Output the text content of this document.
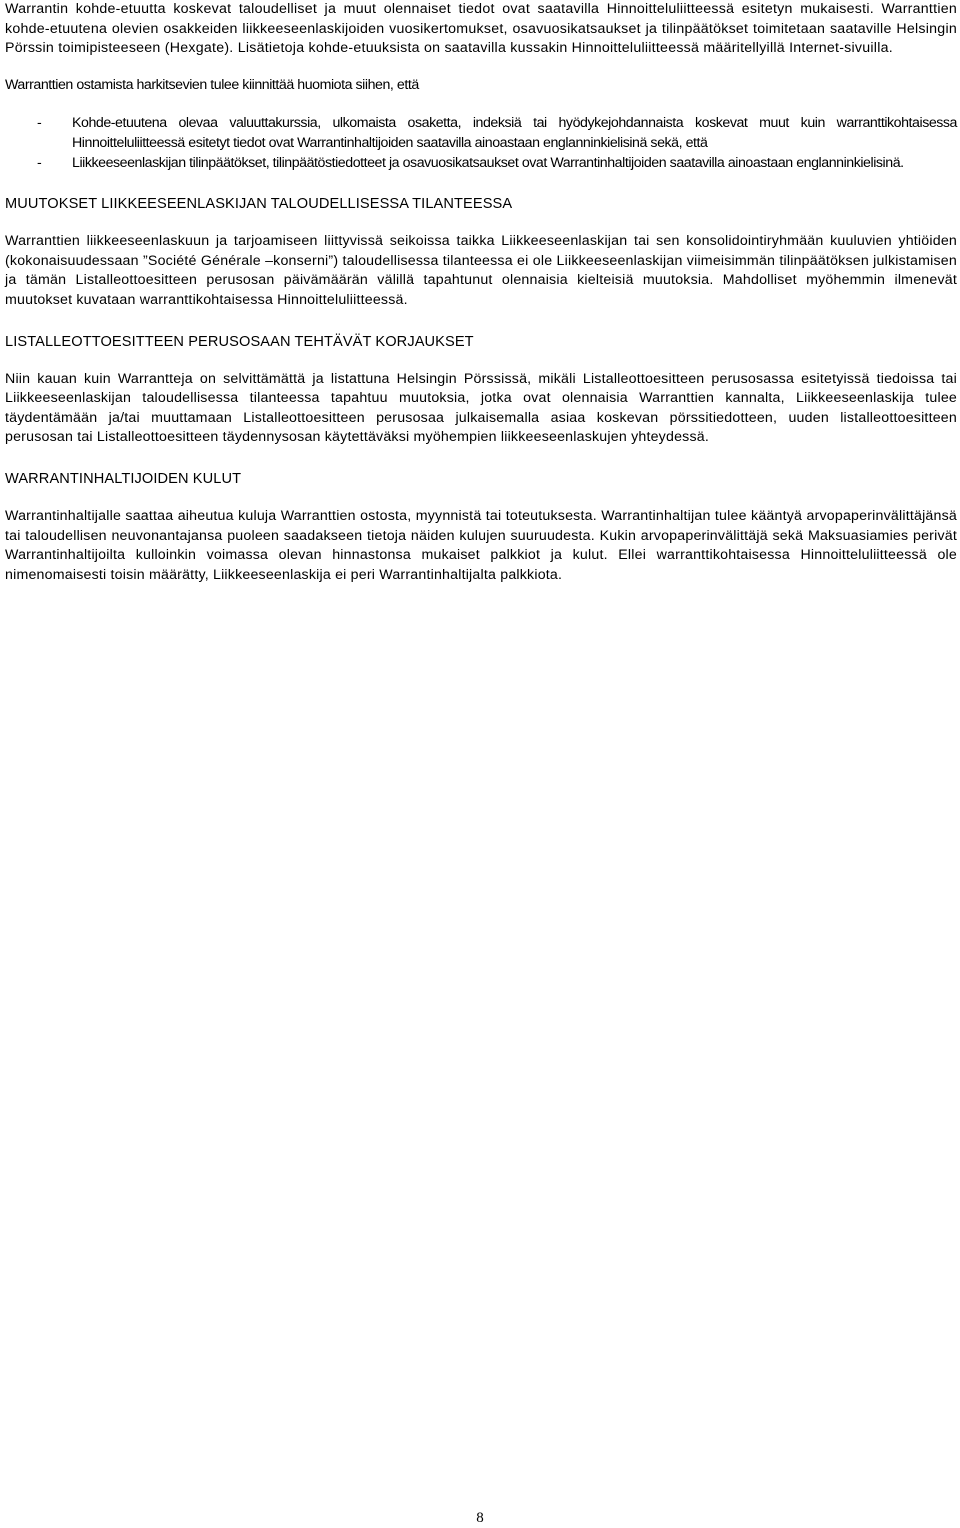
Warrantin kohde-etuutta koskevat taloudelliset ja muut olennaiset tiedot ovat saatavilla Hinnoitteluliitteessä esitetyn mukaisesti. Warranttien kohde-etuutena olevien osakkeiden liikkeeseenlaskijoiden vuosikertomukset, osavuosikatsaukset ja tilinpäätökset toimitetaan saataville Helsingin Pörssin toimipisteeseen (Hexgate). Lisätietoja kohde-etuuksista on saatavilla kussakin Hinnoitteluliitteessä määritellyillä Internet-sivuilla.

Warranttien ostamista harkitsevien tulee kiinnittää huomiota siihen, että

- Kohde-etuutena olevaa valuuttakurssia, ulkomaista osaketta, indeksiä tai hyödykejohdannaista koskevat muut kuin warranttikohtaisessa Hinnoitteluliitteessä esitetyt tiedot ovat Warrantinhaltijoiden saatavilla ainoastaan englanninkielisinä sekä, että
- Liikkeeseenlaskijan tilinpäätökset, tilinpäätöstiedotteet ja osavuosikatsaukset ovat Warrantinhaltijoiden saatavilla ainoastaan englanninkielisinä.
MUUTOKSET LIIKKEESEENLASKIJAN TALOUDELLISESSA TILANTEESSA

Warranttien liikkeeseenlaskuun ja tarjoamiseen liittyvissä seikoissa taikka Liikkeeseenlaskijan tai sen konsolidointiryhmään kuuluvien yhtiöiden (kokonaisuudessaan ”Société Générale –konserni”) taloudellisessa tilanteessa ei ole Liikkeeseenlaskijan viimeisimmän tilinpäätöksen julkistamisen ja tämän Listalleottoesitteen perusosan päivämäärän välillä tapahtunut olennaisia kielteisiä muutoksia. Mahdolliset myöhemmin ilmenevät muutokset kuvataan warranttikohtaisessa Hinnoitteluliitteessä.

LISTALLEOTTOESITTEEN PERUSOSAAN TEHTÄVÄT KORJAUKSET

Niin kauan kuin Warrantteja on selvittämättä ja listattuna Helsingin Pörssissä, mikäli Listalleottoesitteen perusosassa esitetyissä tiedoissa tai Liikkeeseenlaskijan taloudellisessa tilanteessa tapahtuu muutoksia, jotka ovat olennaisia Warranttien kannalta, Liikkeeseenlaskija tulee täydentämään ja/tai muuttamaan Listalleottoesitteen perusosaa julkaisemalla asiaa koskevan pörssitiedotteen, uuden listalleottoesitteen perusosan tai Listalleottoesitteen täydennysosan käytettäväksi myöhempien liikkeeseenlaskujen yhteydessä.

WARRANTINHALTIJOIDEN KULUT

Warrantinhaltijalle saattaa aiheutua kuluja Warranttien ostosta, myynnistä tai toteutuksesta. Warrantinhaltijan tulee kääntyä arvopaperinvälittäjänsä tai taloudellisen neuvonantajansa puoleen saadakseen tietoja näiden kulujen suuruudesta. Kukin arvopaperinvälittäjä sekä Maksuasiamies perivät Warrantinhaltijoilta kulloinkin voimassa olevan hinnastonsa mukaiset palkkiot ja kulut. Ellei warranttikohtaisessa Hinnoitteluliitteessä ole nimenomaisesti toisin määrätty, Liikkeeseenlaskija ei peri Warrantinhaltijalta palkkiota.

8
